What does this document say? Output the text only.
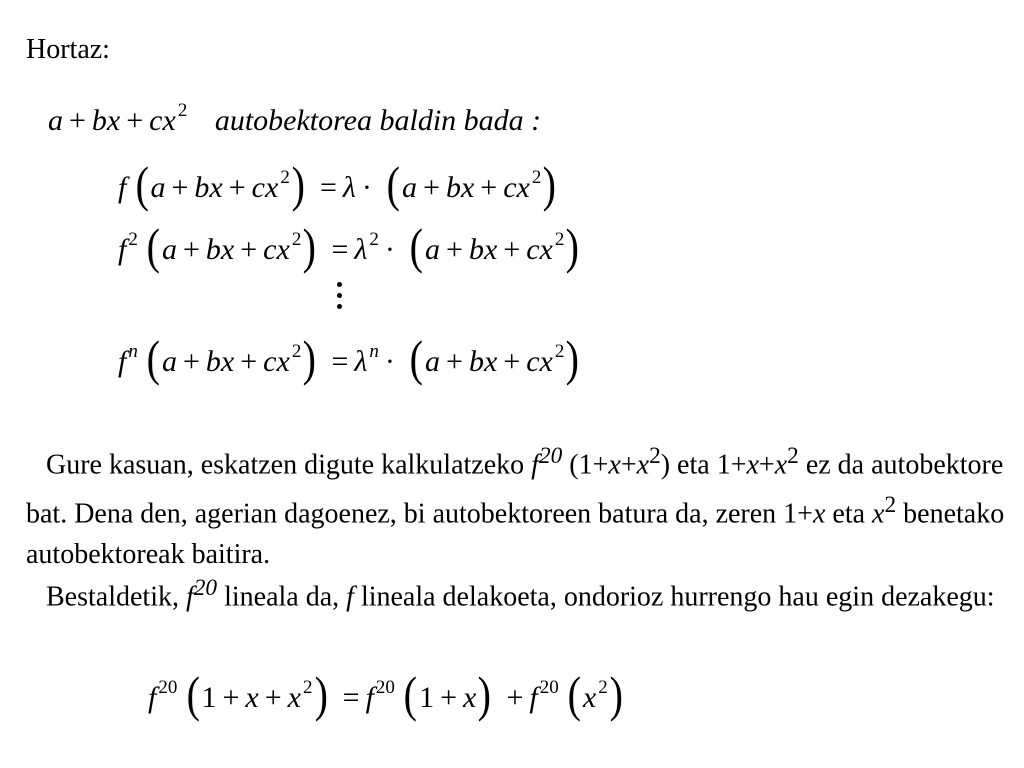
Hortaz:
a + bx + cx $^2$ autobektorea baldin bada :
f (a + bx + cx $^2$) = λ · (a + bx + cx $^2$)
f $^2$ (a + bx + cx $^2$) = λ $^2$ · (a + bx + cx $^2$)
f $^n$ (a + bx + cx $^2$) = λ $^n$ · (a + bx + cx $^2$)
Gure kasuan, eskatzen digute kalkulatzeko $f^{20}$ $(1+x+x^2)$ eta $1+x+x^2$ ez da autobektore bat. Dena den, agerian dagoenez, bi autobektoreen batura da, zeren 1+x eta $x^2$ benetako autobektoreak baitira.
Bestaldetik, $f^{20}$ lineala da, f lineala delakoeta, ondorioz hurrengo hau egin dezakegu:
f $^{20}$ (1 + x + x $^2$) = f $^{20}$ (1 + x) + f $^{20}$ (x $^2$)
